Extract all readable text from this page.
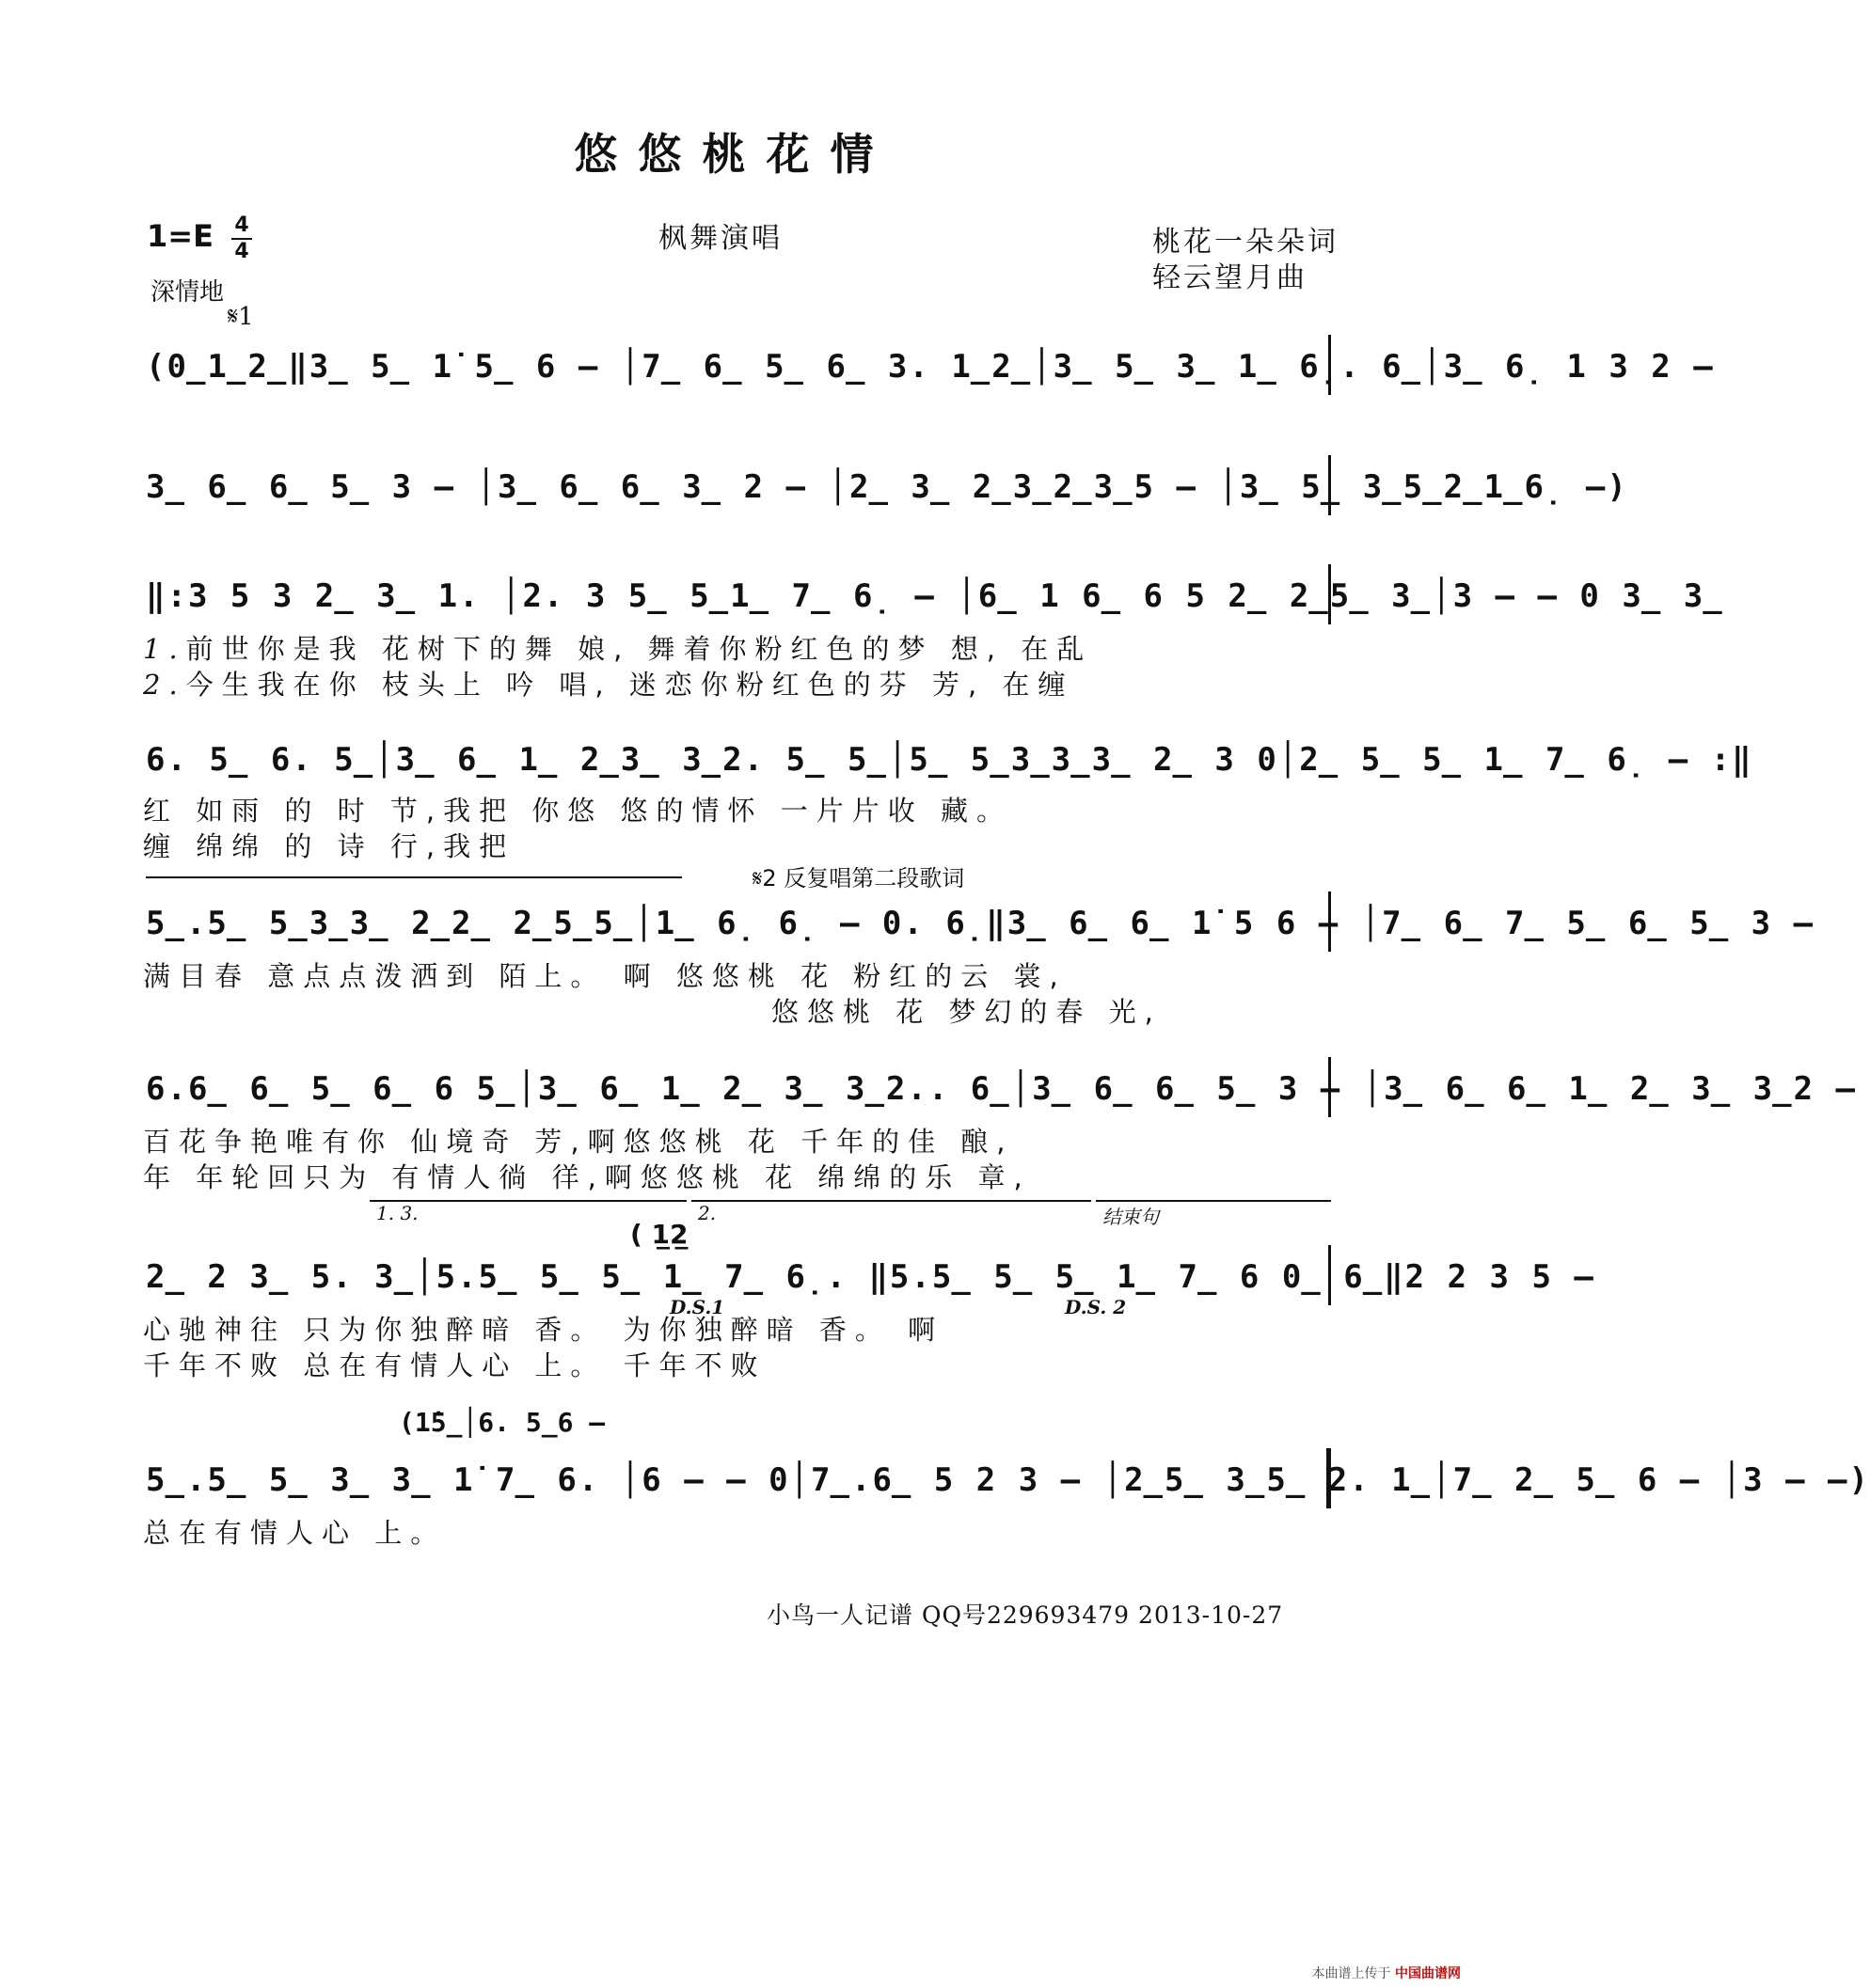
悠悠桃花情
1=E 4
4
深情地
枫舞演唱	桃花一朵朵词
轻云望月曲
𝄋1
(0̲1̲2̲‖3̲ 5̲ 1̇ 5̲ 6 – │7̲ 6̲ 5̲ 6̲ 3. 1̲2̲│3̲ 5̲ 3̲ 1̲ 6̣. 6̲│3̲ 6̣ 1 3 2 –
3̲ 6̲ 6̲ 5̲ 3 – │3̲ 6̲ 6̲ 3̲ 2 – │2̲ 3̲ 2̲3̲2̲3̲5 – │3̲ 5̲ 3̲5̲2̲1̲6̣ –)
‖:3 5 3 2̲ 3̲ 1. │2. 3 5̲ 5̲1̲ 7̲ 6̣ – │6̲ 1 6̲ 6 5 2̲ 2̲5̲ 3̲│3 – – 0 3̲ 3̲
1.前世你是我 花树下的舞 娘, 舞着你粉红色的梦 想, 在乱
2.今生我在你 枝头上 吟 唱, 迷恋你粉红色的芬 芳, 在缠
6. 5̲ 6. 5̲│3̲ 6̲ 1̲ 2̲3̲ 3̲2. 5̲ 5̲│5̲ 5̲3̲3̲3̲ 2̲ 3 0│2̲ 5̲ 5̲ 1̲ 7̲ 6̣ – :‖
红 如雨 的 时 节,我把 你悠 悠的情怀 一片片收 藏。
缠 绵绵 的 诗 行,我把
𝄋2 反复唱第二段歌词
5̲.5̲ 5̲3̲3̲ 2̲2̲ 2̲5̲5̲│1̲ 6̣ 6̣ – 0. 6̣‖3̲ 6̲ 6̲ 1̇ 5 6 – │7̲ 6̲ 7̲ 5̲ 6̲ 5̲ 3 –
满目春 意点点泼洒到 陌上。 啊 悠悠桃 花 粉红的云 裳,
悠悠桃 花 梦幻的春 光,
6.6̲ 6̲ 5̲ 6̲ 6 5̲│3̲ 6̲ 1̲ 2̲ 3̲ 3̲2.. 6̲│3̲ 6̲ 6̲ 5̲ 3 – │3̲ 6̲ 6̲ 1̲ 2̲ 3̲ 3̲2 –
百花争艳唯有你 仙境奇 芳,啊悠悠桃 花 千年的佳 酿,
年 年轮回只为 有情人徜 徉,啊悠悠桃 花 绵绵的乐 章,
1. 3.	2.	结束句
( 1̲2̲
2̲ 2 3̲ 5. 3̲│5.5̲ 5̲ 5̲ 1̲ 7̲ 6̣. ‖5.5̲ 5̲ 5̲ 1̲ 7̲ 6 0̲ 6̲‖2 2 3 5 –
D.S.1	D.S. 2
心驰神往 只为你独醉暗 香。 为你独醉暗 香。 啊
千年不败 总在有情人心 上。 千年不败
(1̇5̲│6. 5̲6 –
5̲.5̲ 5̲ 3̲ 3̲ 1̇ 7̲ 6. │6 – – 0│7̲.6̲ 5 2 3 – │2̲5̲ 3̲5̲ 2. 1̲│7̲ 2̲ 5̲ 6 – │3 – –)
总在有情人心 上。
小鸟一人记谱 QQ号229693479 2013-10-27
本曲谱上传于 中国曲谱网
